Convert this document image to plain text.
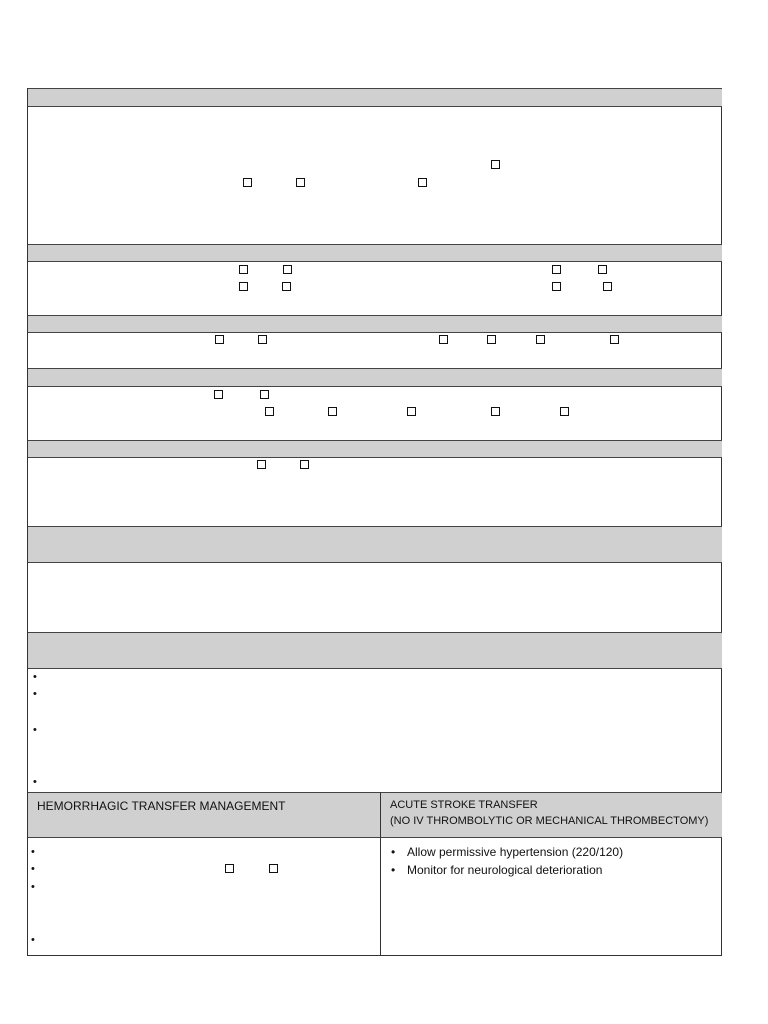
•
•
•
•
HEMORRHAGIC TRANSFER MANAGEMENT	ACUTE STROKE TRANSFER
(NO IV THROMBOLYTIC OR MECHANICAL THROMBECTOMY)
•
•
•
•
• Allow permissive hypertension (220/120)
• Monitor for neurological deterioration
